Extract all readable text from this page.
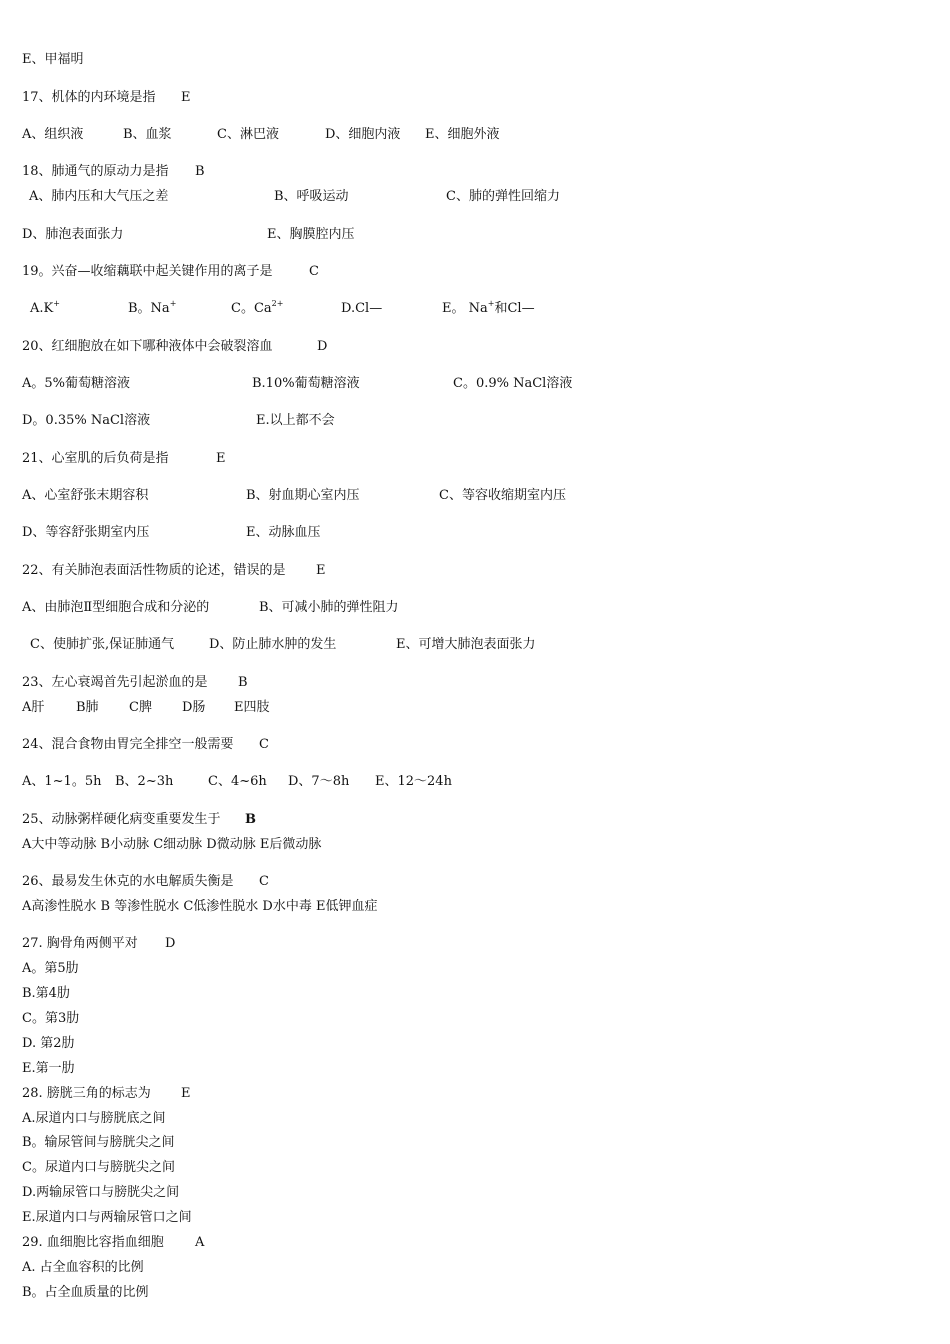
E、甲福明

17、机体的内环境是指

E

A、组织液

	B、血浆

	C、淋巴液

	D、细胞内液

E、细胞外液

18、肺通气的原动力是指

B

A、肺内压和大气压之差

	B、呼吸运动

	C、肺的弹性回缩力

D、肺泡表面张力

	E、胸膜腔内压

19。兴奋—收缩藕联中起关键作用的离子是

	C

A.K+

	B。Na+

	C。$Ca^{2+}$

	D.Cl—

	E。 Na+和Cl—

20、红细胞放在如下哪种液体中会破裂溶血

	D

A。5%葡萄糖溶液

	B.10%葡萄糖溶液

	C。0.9% NaCl溶液

D。0.35% NaCl溶液

	E.以上都不会

21、心室肌的后负荷是指

	E

A、心室舒张末期容积

	B、射血期心室内压

	C、等容收缩期室内压

D、等容舒张期室内压

	E、动脉血压

22、有关肺泡表面活性物质的论述，错误的是

E

A、由肺泡Ⅱ型细胞合成和分泌的

	B、可减小肺的弹性阻力

C、使肺扩张,保证肺通气

	D、防止肺水肿的发生

	E、可增大肺泡表面张力

23、左心衰竭首先引起淤血的是

B

A肝

B肺

C脾

D肠

E四肢

24、混合食物由胃完全排空一般需要

C

A、1~1。5h

B、2~3h

	C、4~6h

D、7～8h

E、12～24h

25、动脉粥样硬化病变重要发生于

B

A大中等动脉 B小动脉 C细动脉 D微动脉 E后微动脉

26、最易发生休克的水电解质失衡是

C

A高渗性脱水 B 等渗性脱水 C低渗性脱水 D水中毒 E低钾血症

27. 胸骨角两侧平对

D

A。第5肋

B.第4肋

C。第3肋

D. 第2肋

E.第一肋

28. 膀胱三角的标志为

E

A.尿道内口与膀胱底之间

B。输尿管间与膀胱尖之间

C。尿道内口与膀胱尖之间

D.两输尿管口与膀胱尖之间

E.尿道内口与两输尿管口之间

29. 血细胞比容指血细胞

A

A. 占全血容积的比例

B。占全血质量的比例
